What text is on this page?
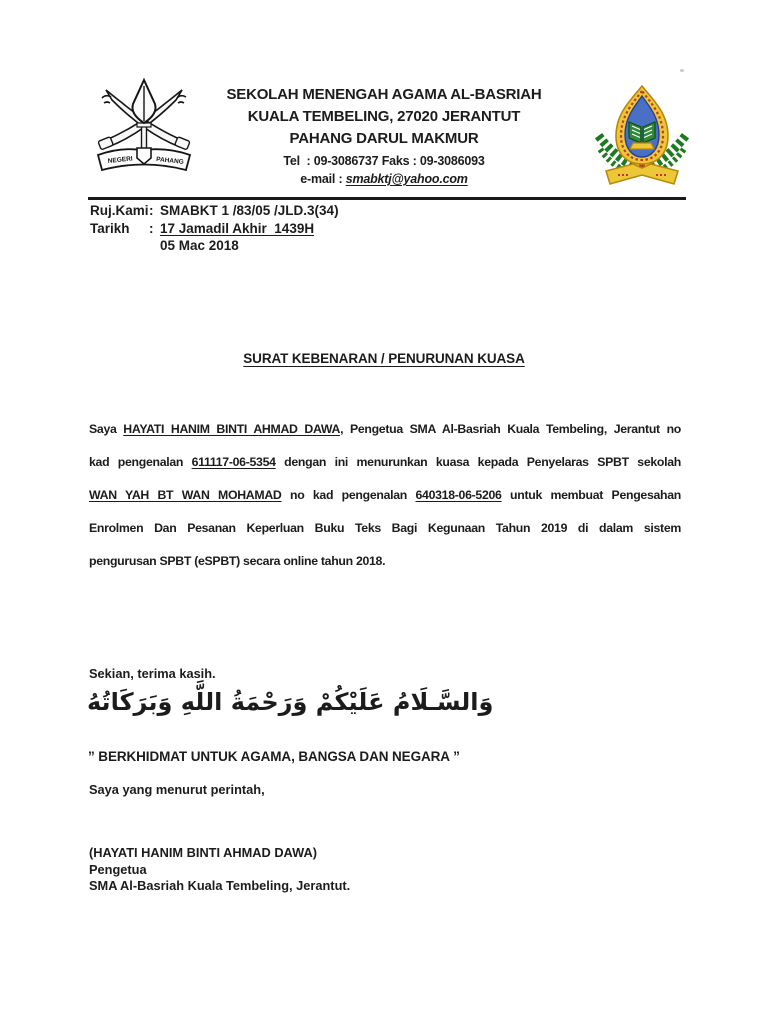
NEGERI	PAHANG
SEKOLAH MENENGAH AGAMA AL-BASRIAH
KUALA TEMBELING, 27020 JERANTUT
PAHANG DARUL MAKMUR
Tel  : 09-3086737 Faks : 09-3086093
e-mail : smabktj@yahoo.com
Ruj.Kami : SMABKT 1 /83/05 /JLD.3(34)
Tarikh	: 17 Jamadil Akhir  1439H
05 Mac 2018
SURAT KEBENARAN / PENURUNAN KUASA
Saya HAYATI HANIM BINTI AHMAD DAWA, Pengetua SMA Al-Basriah Kuala Tembeling, Jerantut no
kad pengenalan 611117-06-5354 dengan ini menurunkan kuasa kepada Penyelaras SPBT sekolah
WAN YAH BT WAN MOHAMAD no kad pengenalan 640318-06-5206 untuk membuat Pengesahan
Enrolmen Dan Pesanan Keperluan Buku Teks Bagi Kegunaan Tahun 2019 di dalam sistem
pengurusan SPBT (eSPBT) secara online tahun 2018.
Sekian, terima kasih.
وَالسَّـلَامُ عَلَيْكُمْ وَرَحْمَةُ اللَّهِ وَبَرَكَاتُهُ
” BERKHIDMAT UNTUK AGAMA, BANGSA DAN NEGARA ”
Saya yang menurut perintah,
(HAYATI HANIM BINTI AHMAD DAWA)
Pengetua
SMA Al-Basriah Kuala Tembeling, Jerantut.
